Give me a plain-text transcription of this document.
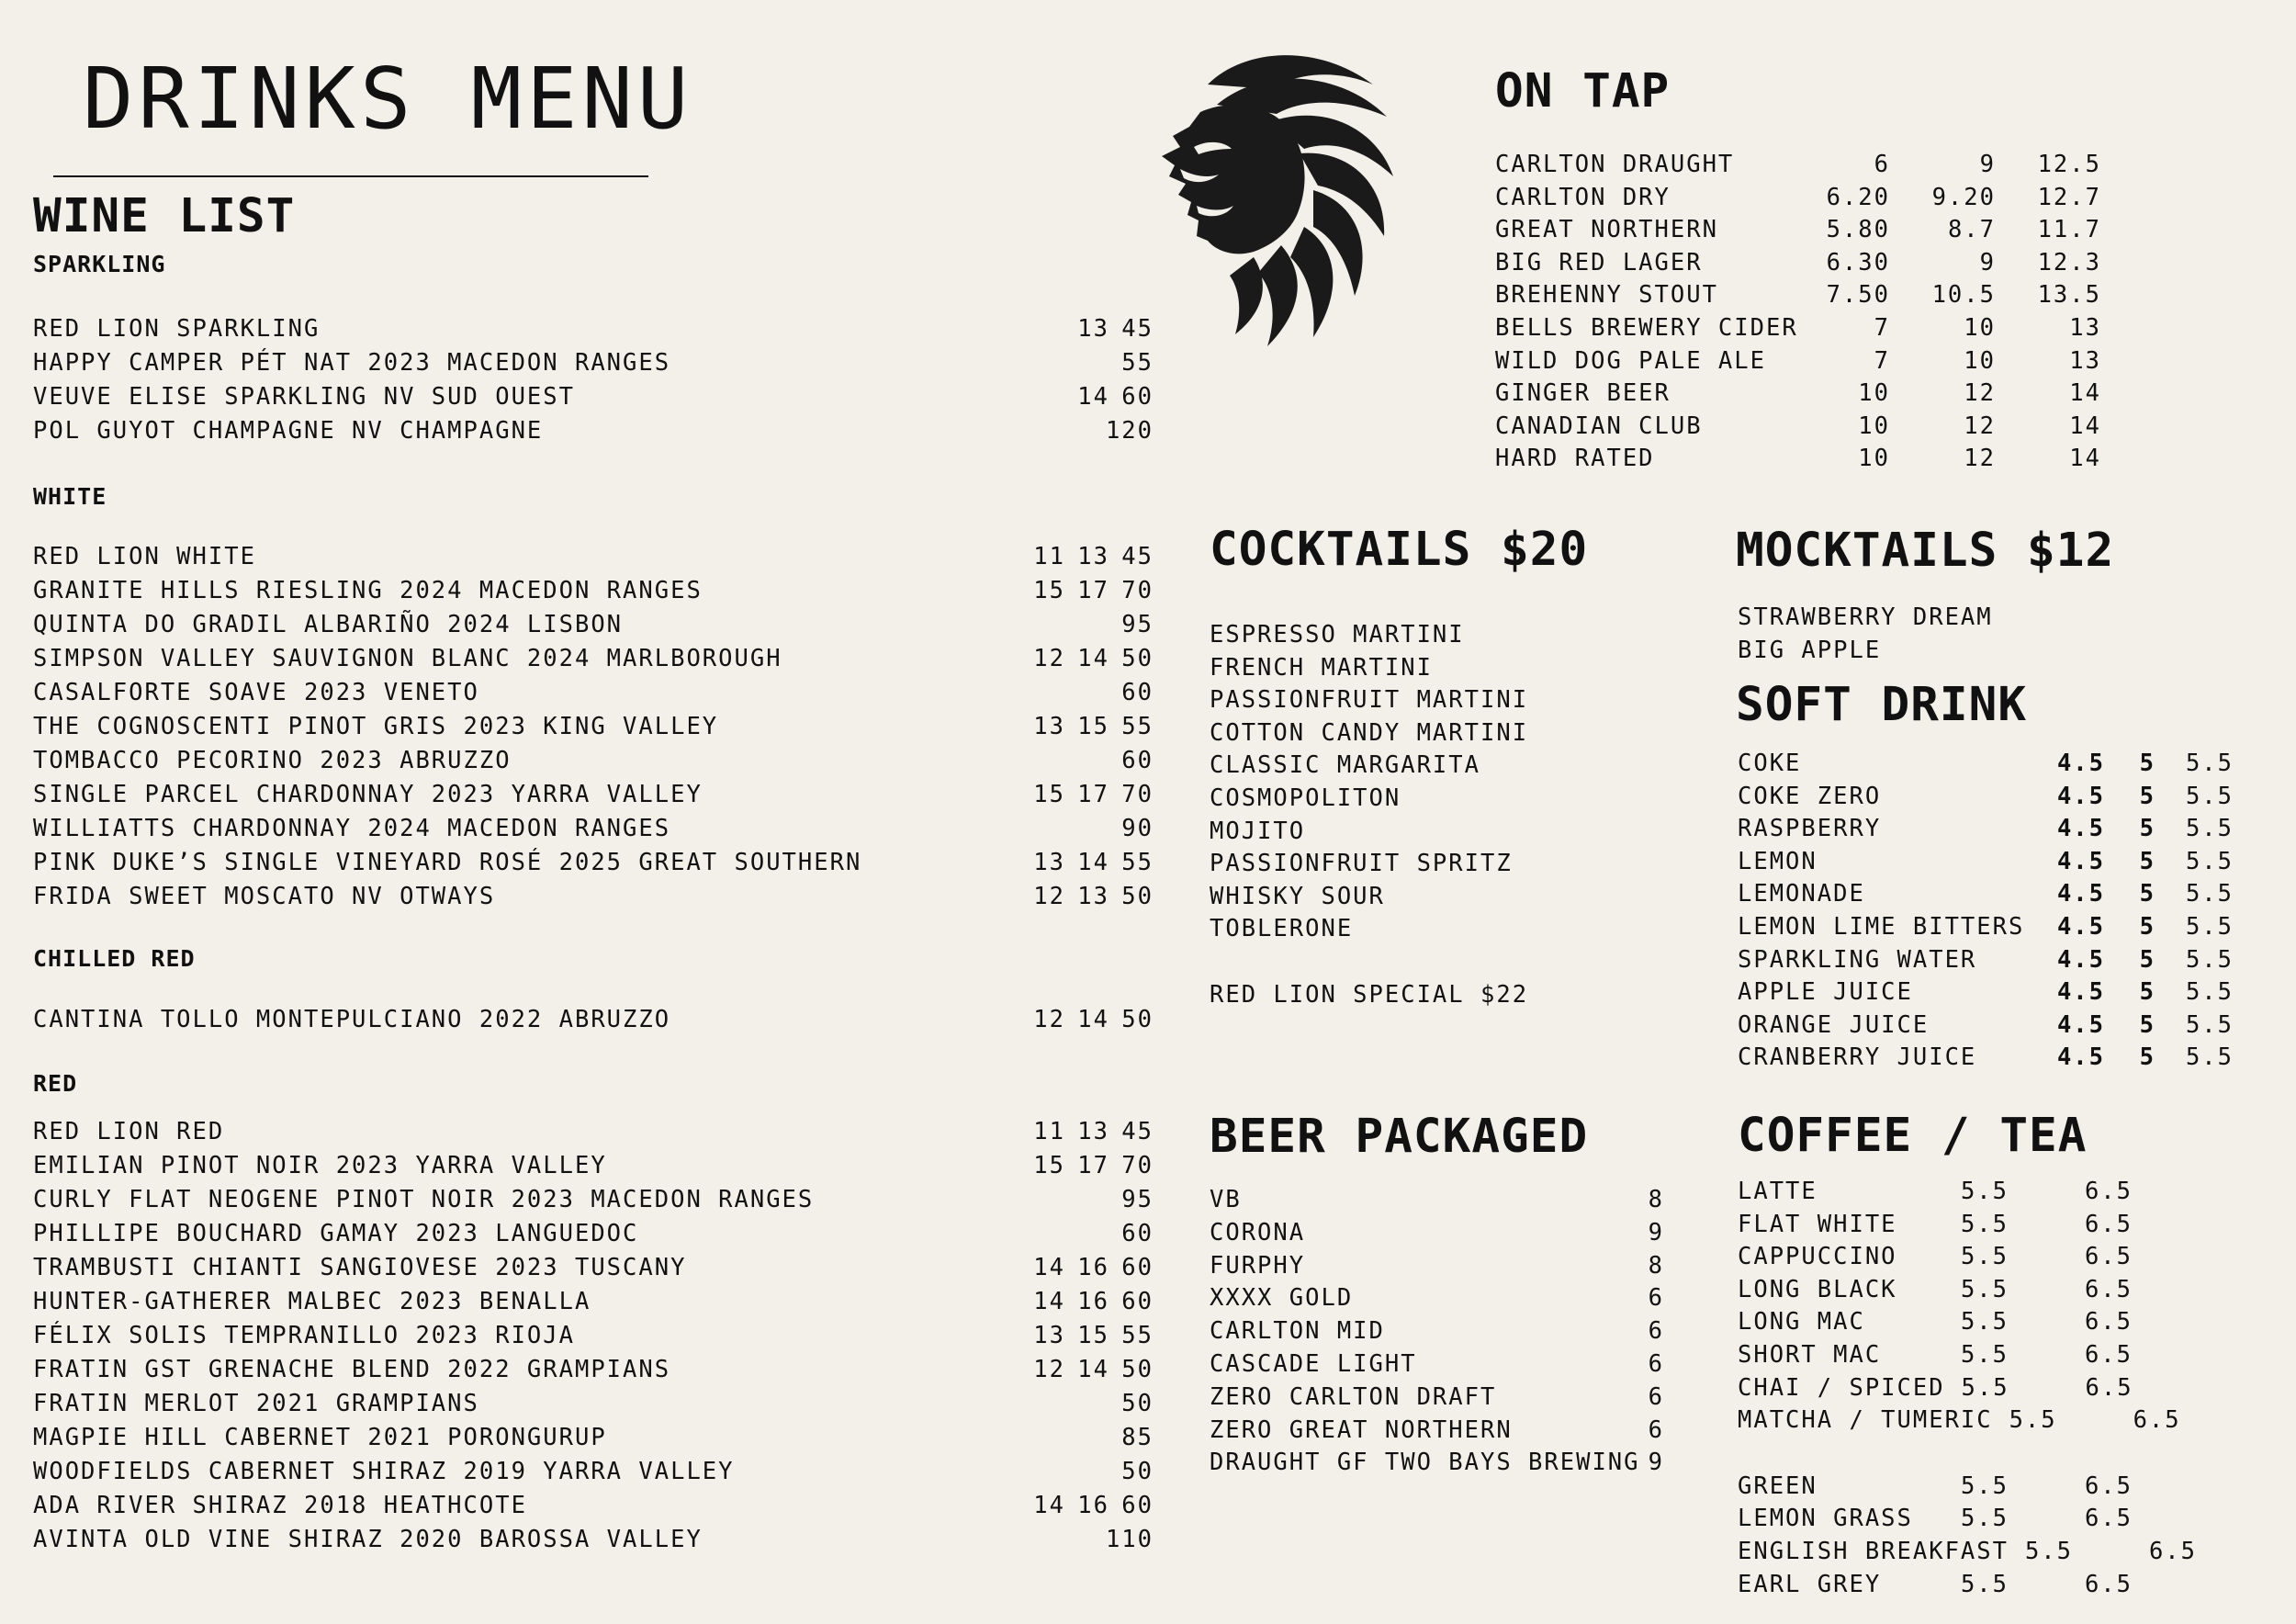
DRINKS MENU
WINE LIST
SPARKLING
RED LION SPARKLING	13 45
HAPPY CAMPER PÉT NAT 2023 MACEDON RANGES	55
VEUVE ELISE SPARKLING NV SUD OUEST	14 60
POL GUYOT CHAMPAGNE NV CHAMPAGNE	120
WHITE
RED LION WHITE	11 13 45
GRANITE HILLS RIESLING 2024 MACEDON RANGES	15 17 70
QUINTA DO GRADIL ALBARIÑO 2024 LISBON	95
SIMPSON VALLEY SAUVIGNON BLANC 2024 MARLBOROUGH	12 14 50
CASALFORTE SOAVE 2023 VENETO	60
THE COGNOSCENTI PINOT GRIS 2023 KING VALLEY	13 15 55
TOMBACCO PECORINO 2023 ABRUZZO	60
SINGLE PARCEL CHARDONNAY 2023 YARRA VALLEY	15 17 70
WILLIATTS CHARDONNAY 2024 MACEDON RANGES	90
PINK DUKE’S SINGLE VINEYARD ROSÉ 2025 GREAT SOUTHERN	13 14 55
FRIDA SWEET MOSCATO NV OTWAYS	12 13 50
CHILLED RED
CANTINA TOLLO MONTEPULCIANO 2022 ABRUZZO	12 14 50
RED
RED LION RED	11 13 45
EMILIAN PINOT NOIR 2023 YARRA VALLEY	15 17 70
CURLY FLAT NEOGENE PINOT NOIR 2023 MACEDON RANGES	95
PHILLIPE BOUCHARD GAMAY 2023 LANGUEDOC	60
TRAMBUSTI CHIANTI SANGIOVESE 2023 TUSCANY	14 16 60
HUNTER-GATHERER MALBEC 2023 BENALLA	14 16 60
FÉLIX SOLIS TEMPRANILLO 2023 RIOJA	13 15 55
FRATIN GST GRENACHE BLEND 2022 GRAMPIANS	12 14 50
FRATIN MERLOT 2021 GRAMPIANS	50
MAGPIE HILL CABERNET 2021 PORONGURUP	85
WOODFIELDS CABERNET SHIRAZ 2019 YARRA VALLEY	50
ADA RIVER SHIRAZ 2018 HEATHCOTE	14 16 60
AVINTA OLD VINE SHIRAZ 2020 BAROSSA VALLEY	110
ON TAP
CARLTON DRAUGHT	6	9	12.5
CARLTON DRY	6.20	9.20	12.7
GREAT NORTHERN	5.80	8.7	11.7
BIG RED LAGER	6.30	9	12.3
BREHENNY STOUT	7.50	10.5	13.5
BELLS BREWERY CIDER	7	10	13
WILD DOG PALE ALE	7	10	13
GINGER BEER	10	12	14
CANADIAN CLUB	10	12	14
HARD RATED	10	12	14
COCKTAILS $20
ESPRESSO MARTINI
FRENCH MARTINI
PASSIONFRUIT MARTINI
COTTON CANDY MARTINI
CLASSIC MARGARITA
COSMOPOLITON
MOJITO
PASSIONFRUIT SPRITZ
WHISKY SOUR
TOBLERONE
RED LION SPECIAL $22
BEER PACKAGED
VB	8
CORONA	9
FURPHY	8
XXXX GOLD	6
CARLTON MID	6
CASCADE LIGHT	6
ZERO CARLTON DRAFT	6
ZERO GREAT NORTHERN	6
DRAUGHT GF TWO BAYS BREWING 9
MOCKTAILS $12
STRAWBERRY DREAM
BIG APPLE
SOFT DRINK
COKE	4.5	5	5.5
COKE ZERO	4.5	5	5.5
RASPBERRY	4.5	5	5.5
LEMON	4.5	5	5.5
LEMONADE	4.5	5	5.5
LEMON LIME BITTERS	4.5	5	5.5
SPARKLING WATER	4.5	5	5.5
APPLE JUICE	4.5	5	5.5
ORANGE JUICE	4.5	5	5.5
CRANBERRY JUICE	4.5	5	5.5
COFFEE / TEA
LATTE	5.5	6.5
FLAT WHITE	5.5	6.5
CAPPUCCINO	5.5	6.5
LONG BLACK	5.5	6.5
LONG MAC	5.5	6.5
SHORT MAC	5.5	6.5
CHAI / SPICED 5.5	6.5
MATCHA / TUMERIC 5.5	6.5
GREEN	5.5	6.5
LEMON GRASS	5.5	6.5
ENGLISH BREAKFAST 5.5	6.5
EARL GREY	5.5	6.5
